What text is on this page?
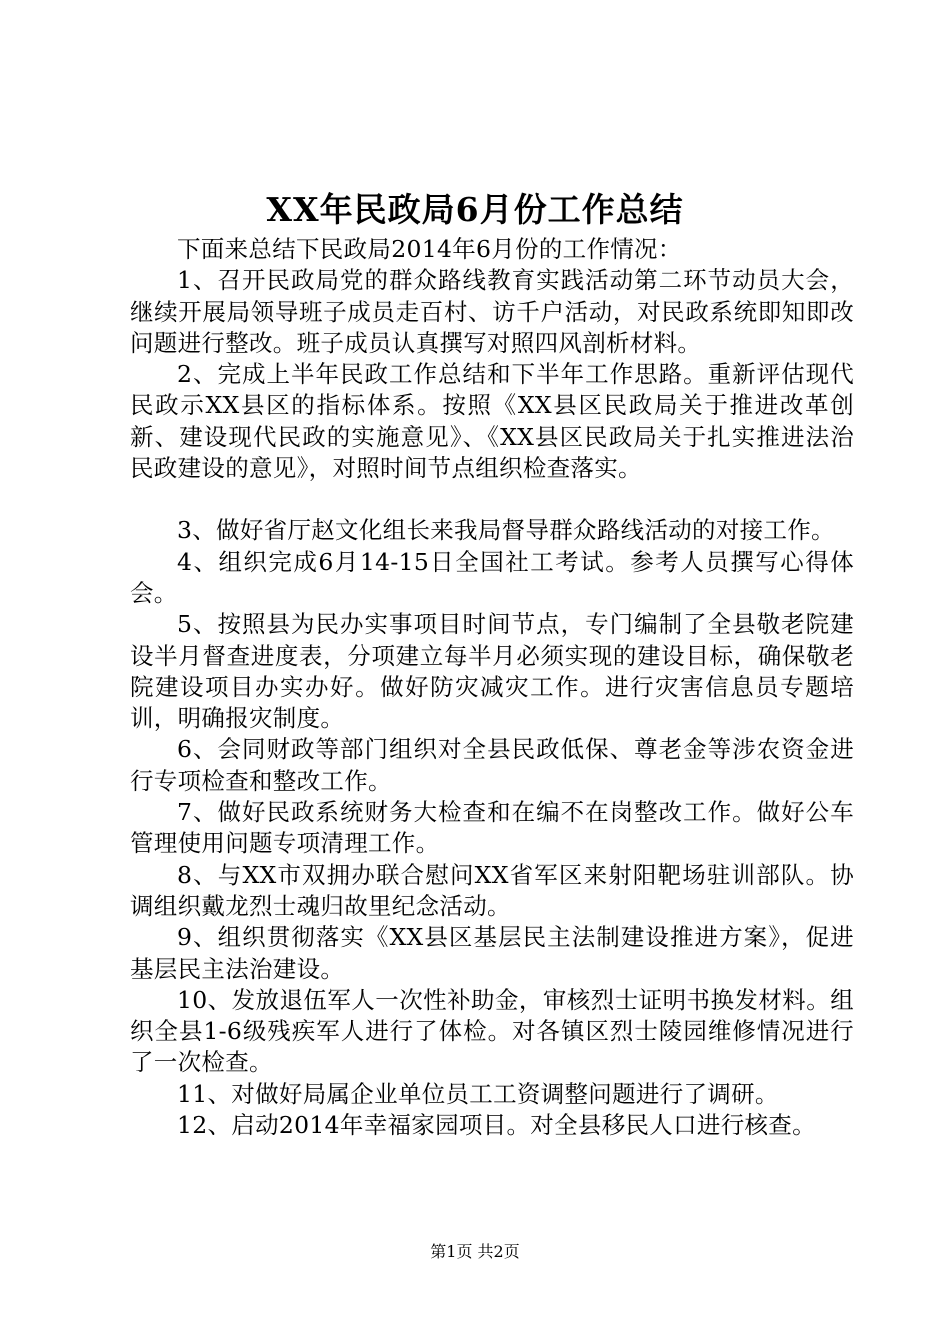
XX年民政局6月份工作总结

下面来总结下民政局2014年6月份的工作情况：

1、召开民政局党的群众路线教育实践活动第二环节动员大会，继续开展局领导班子成员走百村、访千户活动，对民政系统即知即改问题进行整改。班子成员认真撰写对照四风剖析材料。

2、完成上半年民政工作总结和下半年工作思路。重新评估现代民政示XX县区的指标体系。按照《XX县区民政局关于推进改革创新、建设现代民政的实施意见》、《XX县区民政局关于扎实推进法治民政建设的意见》，对照时间节点组织检查落实。

3、做好省厅赵文化组长来我局督导群众路线活动的对接工作。

4、组织完成6月14-15日全国社工考试。参考人员撰写心得体会。

5、按照县为民办实事项目时间节点，专门编制了全县敬老院建设半月督查进度表，分项建立每半月必须实现的建设目标，确保敬老院建设项目办实办好。做好防灾减灾工作。进行灾害信息员专题培训，明确报灾制度。

6、会同财政等部门组织对全县民政低保、尊老金等涉农资金进行专项检查和整改工作。

7、做好民政系统财务大检查和在编不在岗整改工作。做好公车管理使用问题专项清理工作。

8、与XX市双拥办联合慰问XX省军区来射阳靶场驻训部队。协调组织戴龙烈士魂归故里纪念活动。

9、组织贯彻落实《XX县区基层民主法制建设推进方案》，促进基层民主法治建设。

10、发放退伍军人一次性补助金，审核烈士证明书换发材料。组织全县1-6级残疾军人进行了体检。对各镇区烈士陵园维修情况进行了一次检查。

11、对做好局属企业单位员工工资调整问题进行了调研。

12、启动2014年幸福家园项目。对全县移民人口进行核查。

第1页 共2页
